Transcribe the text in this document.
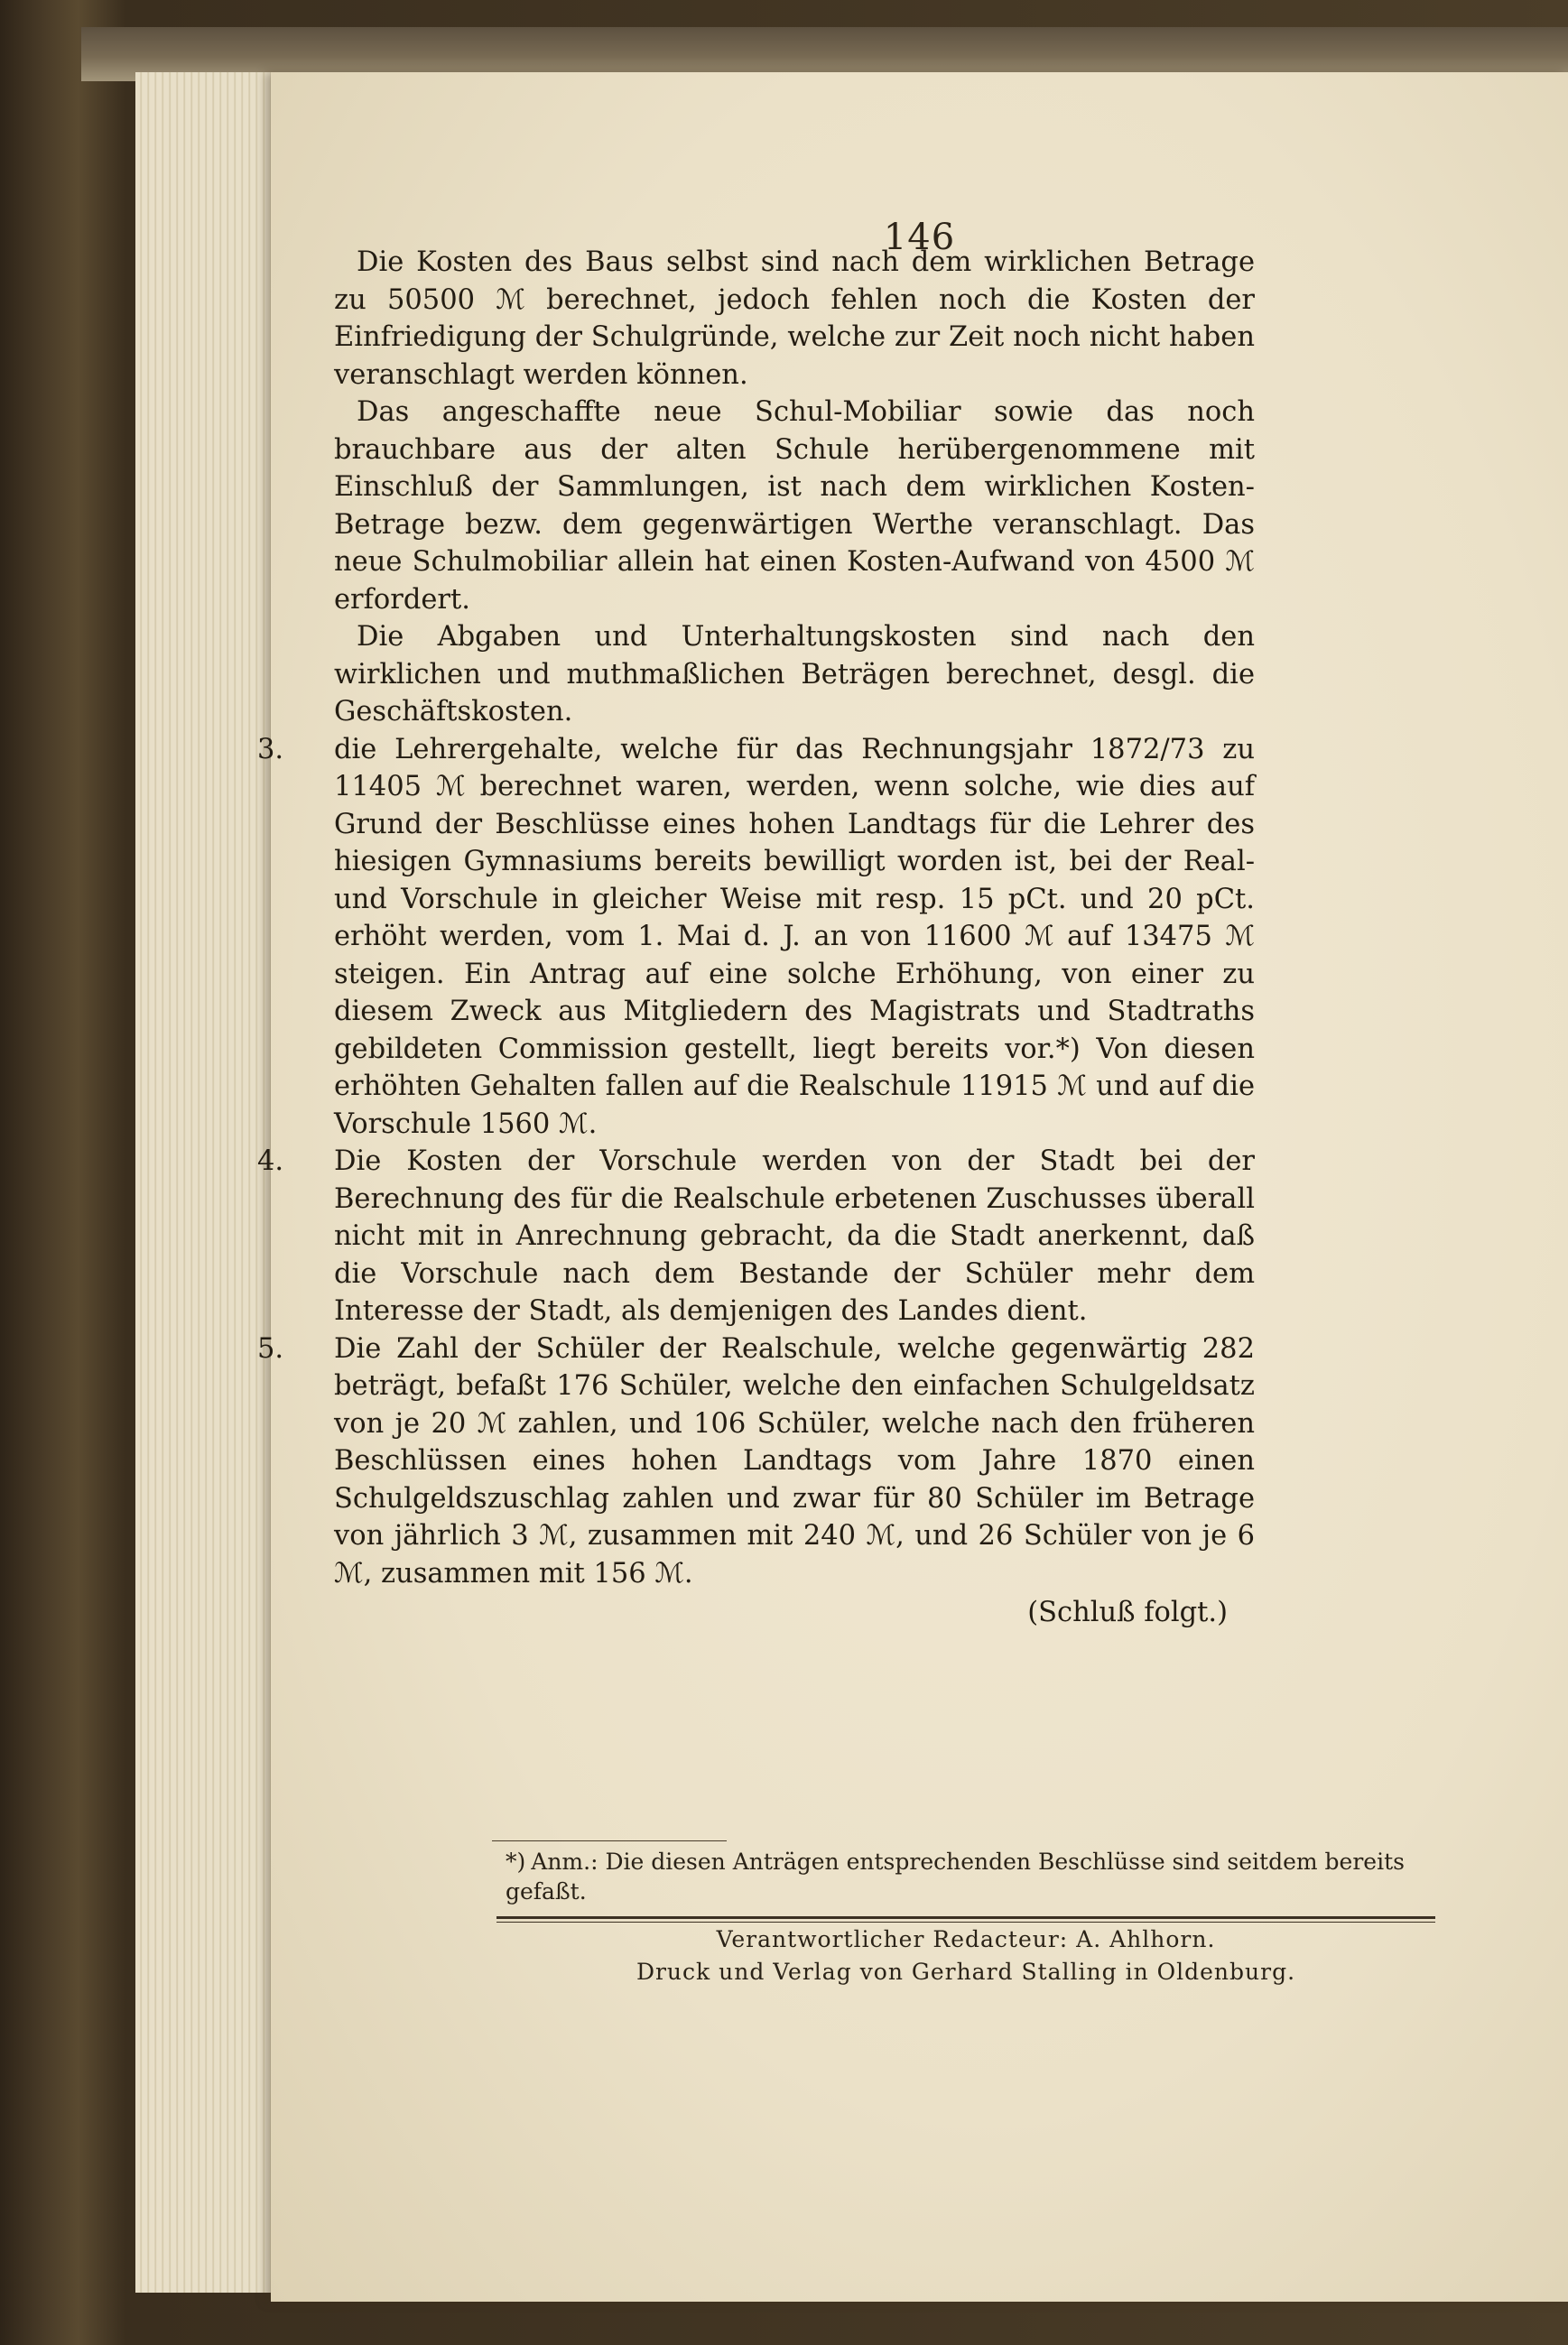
146

Die Kosten des Baus selbst sind nach dem wirklichen Betrage zu 50500 ℳ berechnet, jedoch fehlen noch die Kosten der Einfriedigung der Schulgründe, welche zur Zeit noch nicht haben veranschlagt werden können.

Das angeschaffte neue Schul-Mobiliar sowie das noch brauchbare aus der alten Schule herübergenommene mit Einschluß der Sammlungen, ist nach dem wirklichen Kosten-Betrage bezw. dem gegenwärtigen Werthe veranschlagt. Das neue Schulmobiliar allein hat einen Kosten-Aufwand von 4500 ℳ erfordert.

Die Abgaben und Unterhaltungskosten sind nach den wirklichen und muthmaßlichen Beträgen berechnet, desgl. die Geschäftskosten.

3. die Lehrergehalte, welche für das Rechnungsjahr 1872/73 zu 11405 ℳ berechnet waren, werden, wenn solche, wie dies auf Grund der Beschlüsse eines hohen Landtags für die Lehrer des hiesigen Gymnasiums bereits bewilligt worden ist, bei der Real- und Vorschule in gleicher Weise mit resp. 15 pCt. und 20 pCt. erhöht werden, vom 1. Mai d. J. an von 11600 ℳ auf 13475 ℳ steigen. Ein Antrag auf eine solche Erhöhung, von einer zu diesem Zweck aus Mitgliedern des Magistrats und Stadtraths gebildeten Commission gestellt, liegt bereits vor.*) Von diesen erhöhten Gehalten fallen auf die Realschule 11915 ℳ und auf die Vorschule 1560 ℳ.
4. Die Kosten der Vorschule werden von der Stadt bei der Berechnung des für die Realschule erbetenen Zuschusses überall nicht mit in Anrechnung gebracht, da die Stadt anerkennt, daß die Vorschule nach dem Bestande der Schüler mehr dem Interesse der Stadt, als demjenigen des Landes dient.
5. Die Zahl der Schüler der Realschule, welche gegenwärtig 282 beträgt, befaßt 176 Schüler, welche den einfachen Schulgeldsatz von je 20 ℳ zahlen, und 106 Schüler, welche nach den früheren Beschlüssen eines hohen Landtags vom Jahre 1870 einen Schulgeldszuschlag zahlen und zwar für 80 Schüler im Betrage von jährlich 3 ℳ, zusammen mit 240 ℳ, und 26 Schüler von je 6 ℳ, zusammen mit 156 ℳ.
(Schluß folgt.)
*) Anm.: Die diesen Anträgen entsprechenden Beschlüsse sind seitdem bereits gefaßt.
Verantwortlicher Redacteur: A. Ahlhorn.
Druck und Verlag von Gerhard Stalling in Oldenburg.
